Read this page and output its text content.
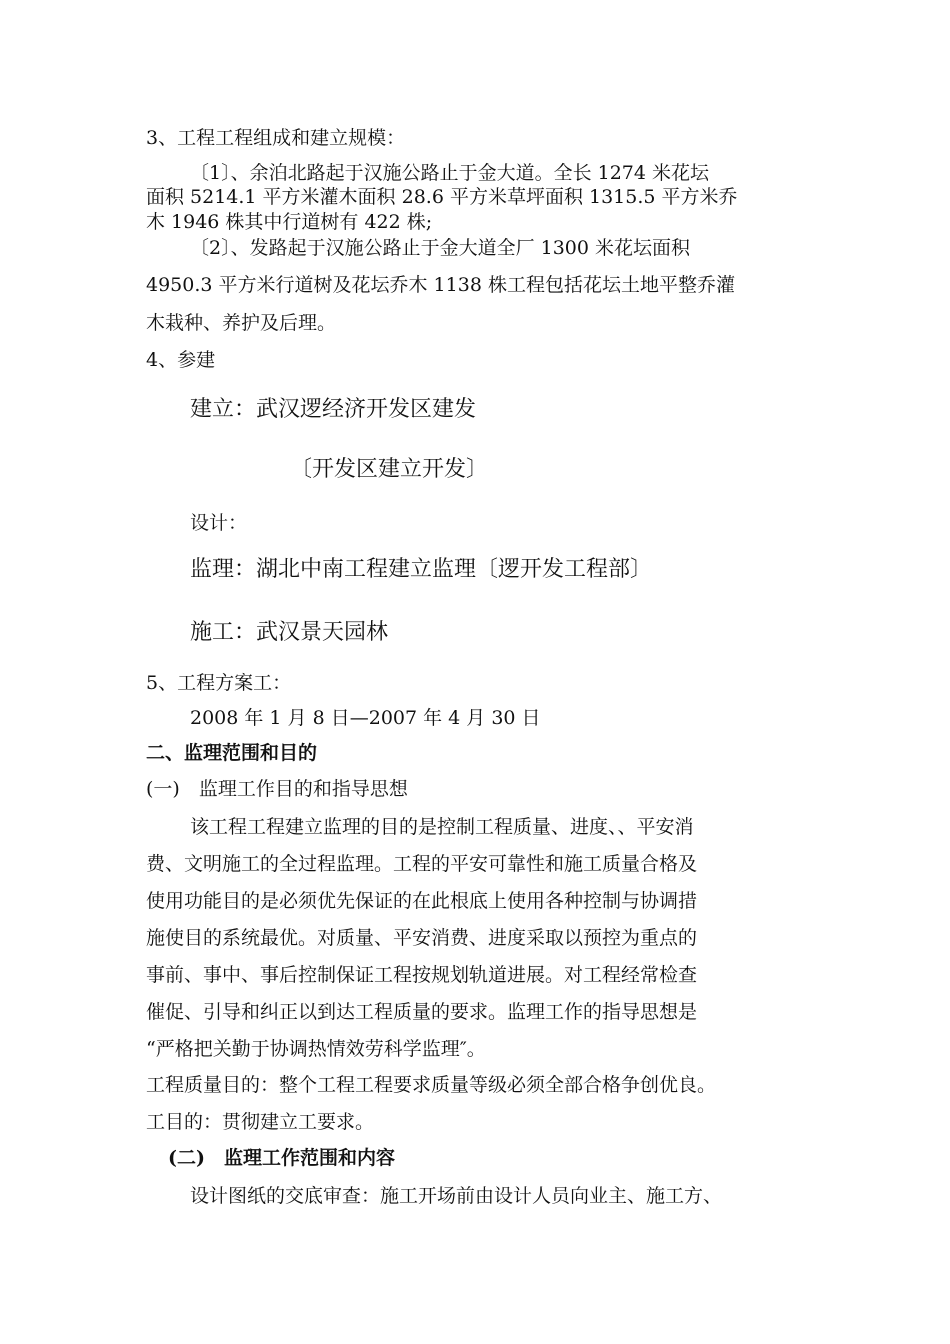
3、工程工程组成和建立规模：
〔1〕、余泊北路起于汉施公路止于金大道。全长 1274 米花坛
面积 5214.1 平方米灌木面积 28.6 平方米草坪面积 1315.5 平方米乔
木 1946 株其中行道树有 422 株;
〔2〕、发路起于汉施公路止于金大道全厂 1300 米花坛面积
4950.3 平方米行道树及花坛乔木 1138 株工程包括花坛土地平整乔灌
木栽种、养护及后理。
4、参建
建立：武汉逻经济开发区建发
〔开发区建立开发〕
设计：
监理：湖北中南工程建立监理〔逻开发工程部〕
施工：武汉景天园林
5、工程方案工：
2008 年 1 月 8 日—2007 年 4 月 30 日
二、监理范围和目的
(一)　监理工作目的和指导思想
该工程工程建立监理的目的是控制工程质量、进度、、平安消
费、文明施工的全过程监理。工程的平安可靠性和施工质量合格及
使用功能目的是必须优先保证的在此根底上使用各种控制与协调措
施使目的系统最优。对质量、平安消费、进度采取以预控为重点的
事前、事中、事后控制保证工程按规划轨道进展。对工程经常检查
催促、引导和纠正以到达工程质量的要求。监理工作的指导思想是
“严格把关勤于协调热情效劳科学监理″。
工程质量目的：整个工程工程要求质量等级必须全部合格争创优良。
工目的：贯彻建立工要求。
(二)　监理工作范围和内容
设计图纸的交底审查：施工开场前由设计人员向业主、施工方、
